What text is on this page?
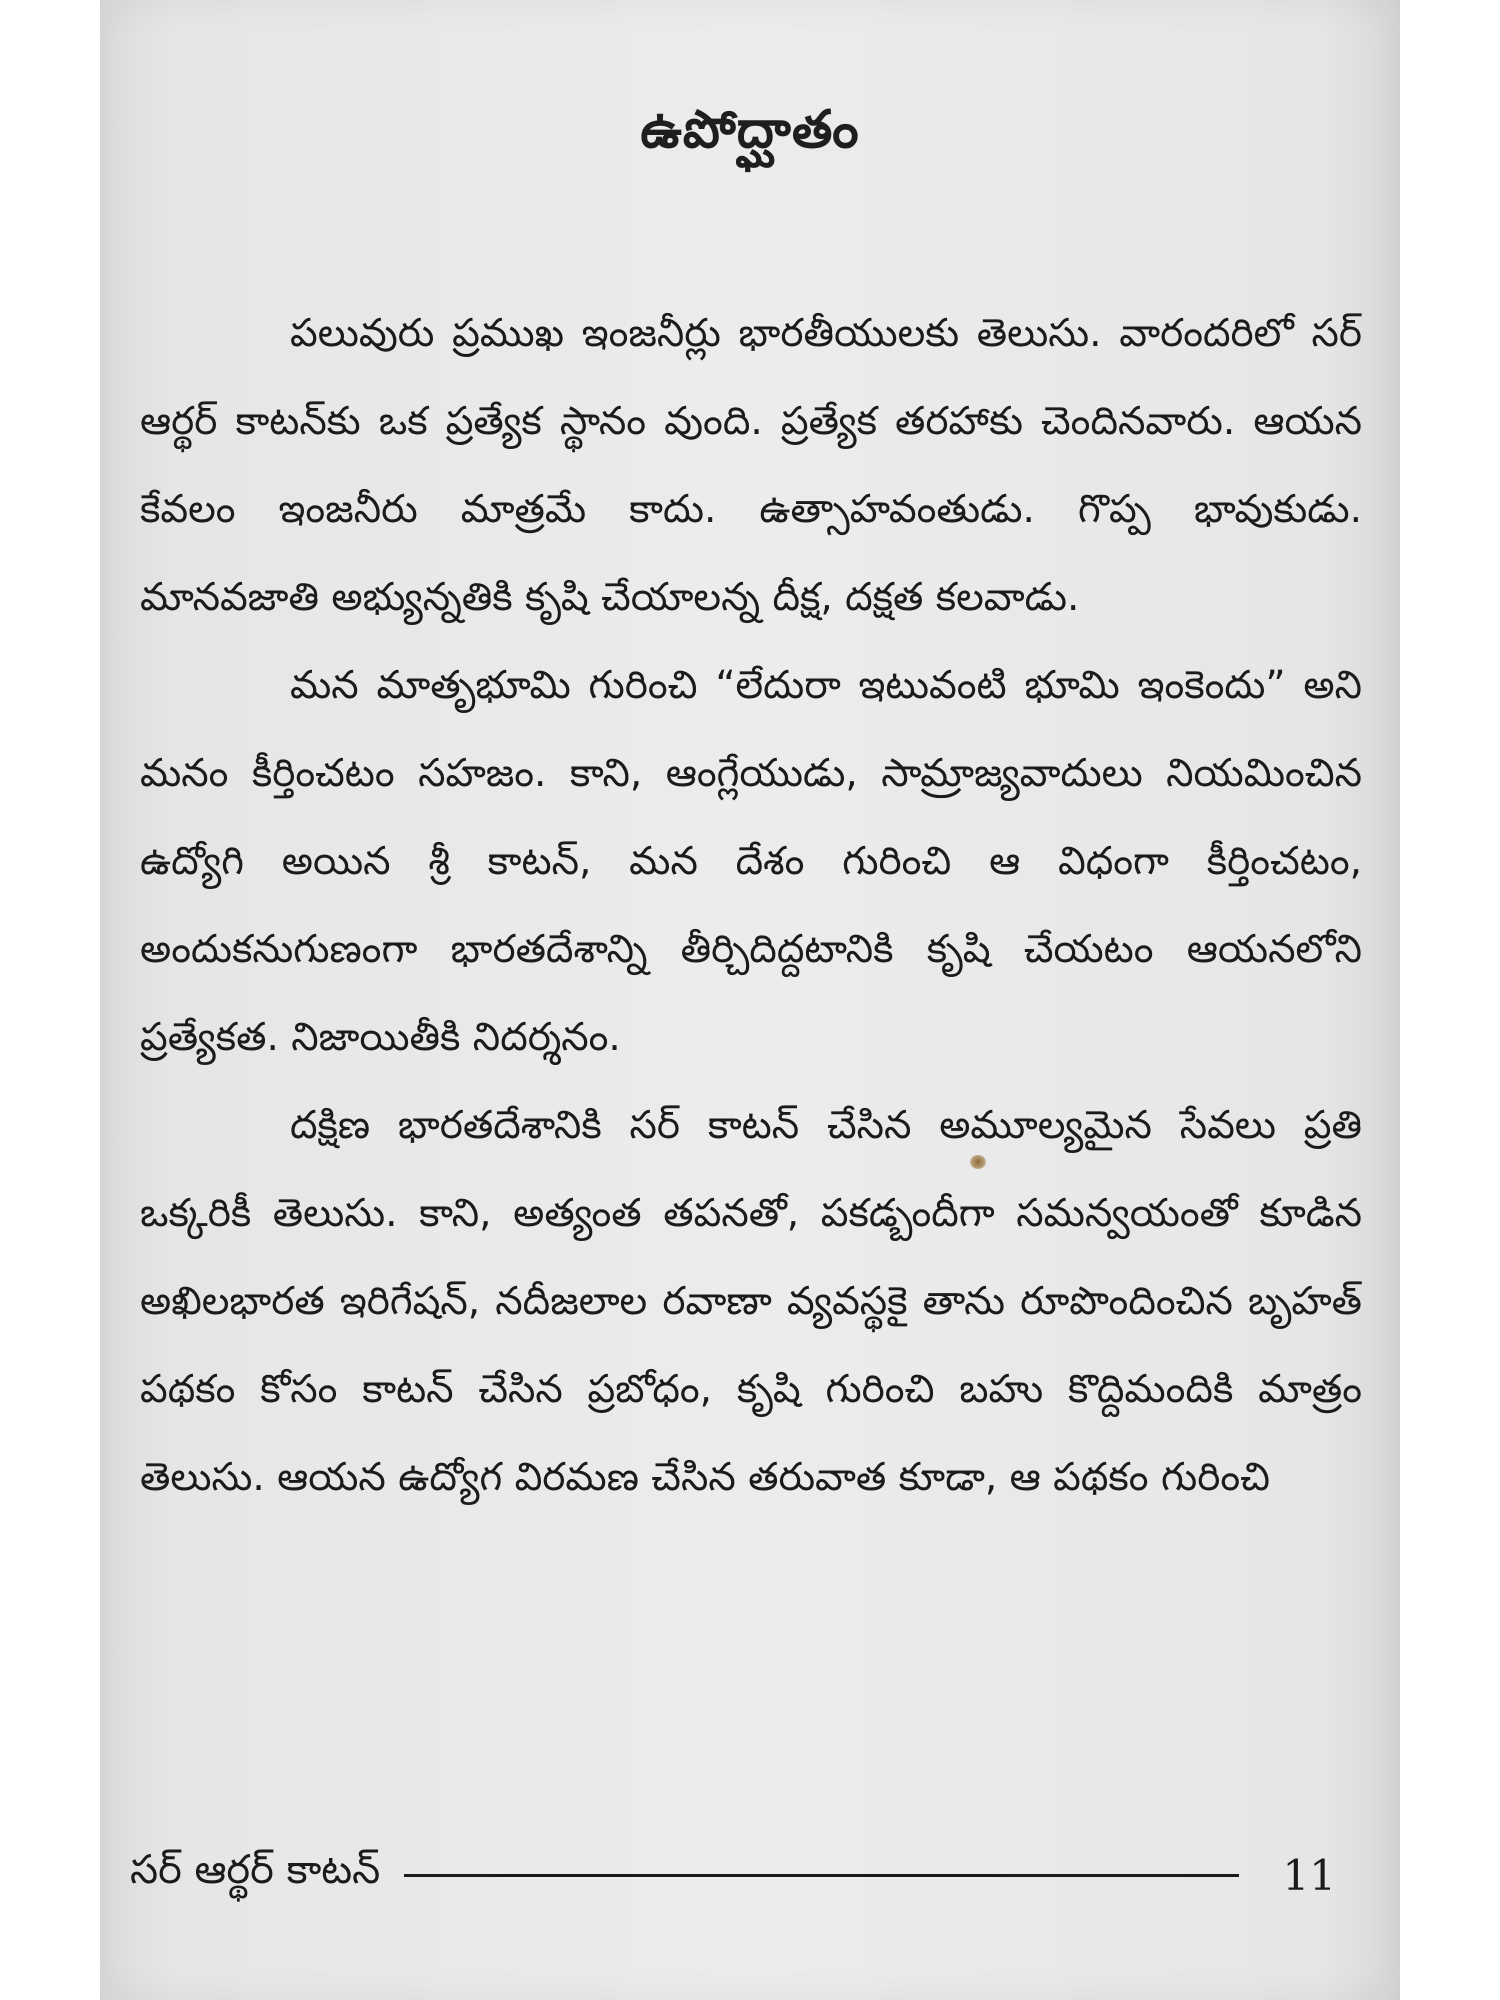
ఉపోద్ఘాతం

పలువురు ప్రముఖ ఇంజనీర్లు భారతీయులకు తెలుసు. వారందరిలో సర్ ఆర్థర్ కాటన్‌కు ఒక ప్రత్యేక స్థానం వుంది. ప్రత్యేక తరహాకు చెందినవారు. ఆయన కేవలం ఇంజనీరు మాత్రమే కాదు. ఉత్సాహవంతుడు. గొప్ప భావుకుడు. మానవజాతి అభ్యున్నతికి కృషి చేయాలన్న దీక్ష, దక్షత కలవాడు.

మన మాతృభూమి గురించి “లేదురా ఇటువంటి భూమి ఇంకెందు” అని మనం కీర్తించటం సహజం. కాని, ఆంగ్లేయుడు, సామ్రాజ్యవాదులు నియమించిన ఉద్యోగి అయిన శ్రీ కాటన్, మన దేశం గురించి ఆ విధంగా కీర్తించటం, అందుకనుగుణంగా భారతదేశాన్ని తీర్చిదిద్దటానికి కృషి చేయటం ఆయనలోని ప్రత్యేకత. నిజాయితీకి నిదర్శనం.

దక్షిణ భారతదేశానికి సర్ కాటన్ చేసిన అమూల్యమైన సేవలు ప్రతి ఒక్కరికీ తెలుసు. కాని, అత్యంత తపనతో, పకడ్బందీగా సమన్వయంతో కూడిన అఖిలభారత ఇరిగేషన్, నదీజలాల రవాణా వ్యవస్థకై తాను రూపొందించిన బృహత్ పథకం కోసం కాటన్ చేసిన ప్రబోధం, కృషి గురించి బహు కొద్దిమందికి మాత్రం తెలుసు. ఆయన ఉద్యోగ విరమణ చేసిన తరువాత కూడా, ఆ పథకం గురించి

సర్ ఆర్థర్ కాటన్	11
